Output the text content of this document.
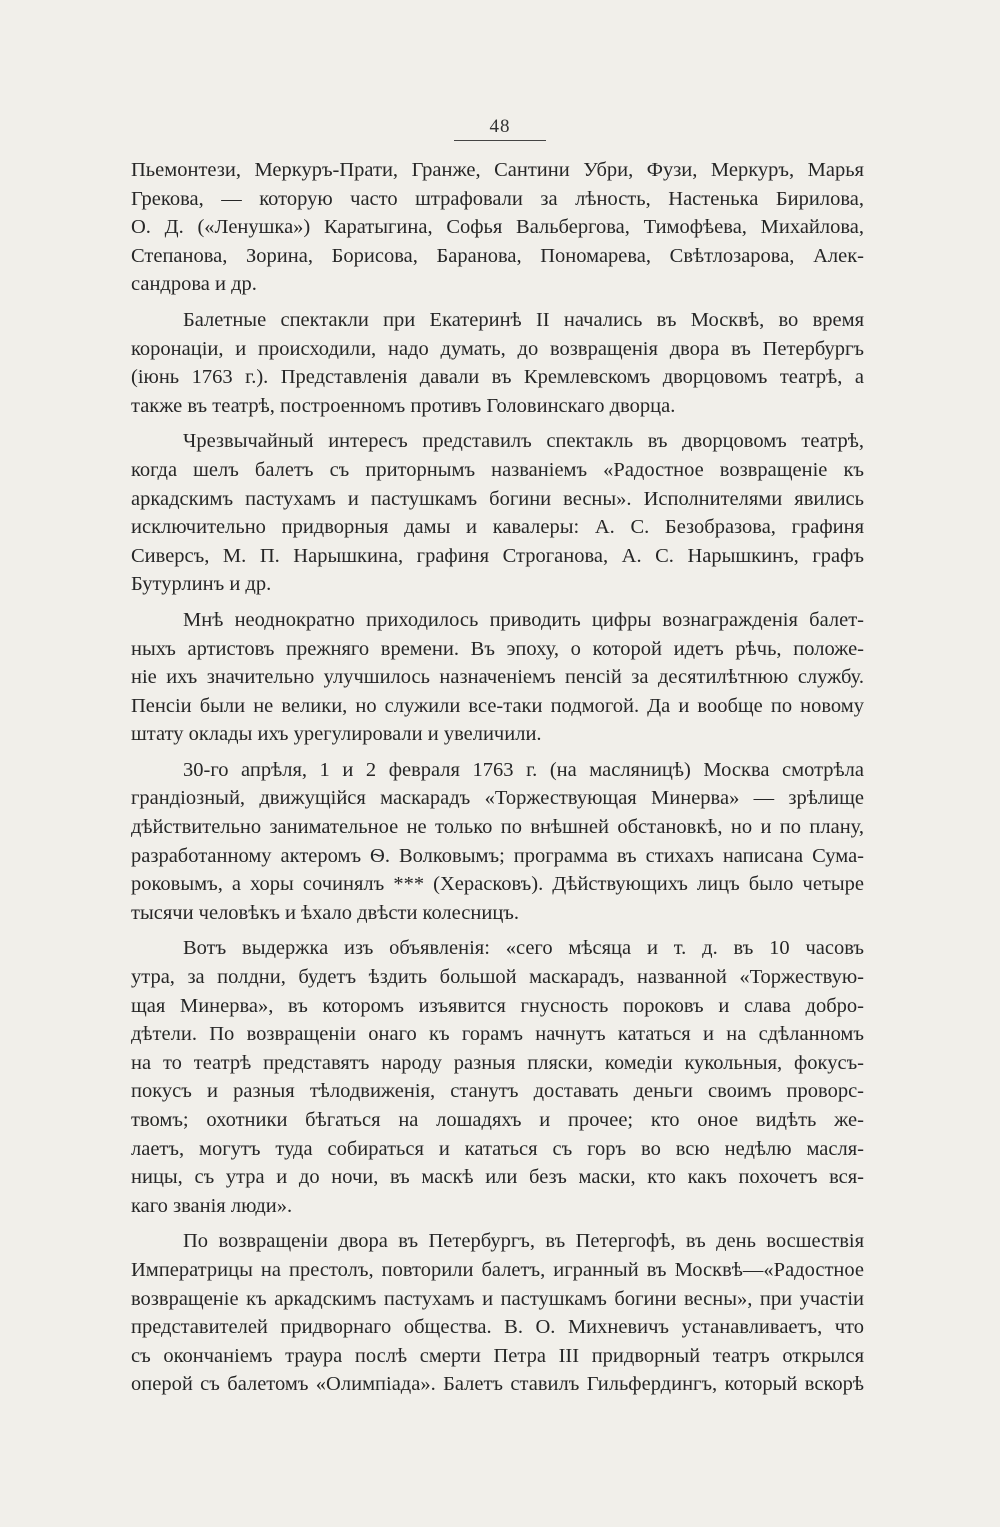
48

Пьемонтези, Меркуръ-Прати, Гранже, Сантини Убри, Фузи, Меркуръ, Марья
Грекова, — которую часто штрафовали за лѣность, Настенька Бирилова,
О. Д. («Ленушка») Каратыгина, Софья Вальбергова, Тимофѣева, Михайлова,
Степанова, Зорина, Борисова, Баранова, Пономарева, Свѣтлозарова, Алек-
сандрова и др.

Балетные спектакли при Екатеринѣ II начались въ Москвѣ, во время
коронаціи, и происходили, надо думать, до возвращенія двора въ Петербургъ
(іюнь 1763 г.). Представленія давали въ Кремлевскомъ дворцовомъ театрѣ, а
также въ театрѣ, построенномъ противъ Головинскаго дворца.

Чрезвычайный интересъ представилъ спектакль въ дворцовомъ театрѣ,
когда шелъ балетъ съ приторнымъ названіемъ «Радостное возвращеніе къ
аркадскимъ пастухамъ и пастушкамъ богини весны». Исполнителями явились
исключительно придворныя дамы и кавалеры: А. С. Безобразова, графиня
Сиверсъ, М. П. Нарышкина, графиня Строганова, А. С. Нарышкинъ, графъ
Бутурлинъ и др.

Мнѣ неоднократно приходилось приводить цифры вознагражденія балет-
ныхъ артистовъ прежняго времени. Въ эпоху, о которой идетъ рѣчь, положе-
ніе ихъ значительно улучшилось назначеніемъ пенсій за десятилѣтнюю службу.
Пенсіи были не велики, но служили все-таки подмогой. Да и вообще по новому
штату оклады ихъ урегулировали и увеличили.

30-го апрѣля, 1 и 2 февраля 1763 г. (на масляницѣ) Москва смотрѣла
грандіозный, движущійся маскарадъ «Торжествующая Минерва» — зрѣлище
дѣйствительно занимательное не только по внѣшней обстановкѣ, но и по плану,
разработанному актеромъ Ѳ. Волковымъ; программа въ стихахъ написана Сума-
роковымъ, а хоры сочинялъ *** (Херасковъ). Дѣйствующихъ лицъ было четыре
тысячи человѣкъ и ѣхало двѣсти колесницъ.

Вотъ выдержка изъ объявленія: «сего мѣсяца и т. д. въ 10 часовъ
утра, за полдни, будетъ ѣздить большой маскарадъ, названной «Торжествую-
щая Минерва», въ которомъ изъявится гнусность пороковъ и слава добро-
дѣтели. По возвращеніи онаго къ горамъ начнутъ кататься и на сдѣланномъ
на то театрѣ представятъ народу разныя пляски, комедіи кукольныя, фокусъ-
покусъ и разныя тѣлодвиженія, станутъ доставать деньги своимъ проворс-
твомъ; охотники бѣгаться на лошадяхъ и прочее; кто оное видѣть же-
лаетъ, могутъ туда собираться и кататься съ горъ во всю недѣлю масля-
ницы, съ утра и до ночи, въ маскѣ или безъ маски, кто какъ похочетъ вся-
каго званія люди».

По возвращеніи двора въ Петербургъ, въ Петергофѣ, въ день восшествія
Императрицы на престолъ, повторили балетъ, игранный въ Москвѣ—«Радостное
возвращеніе къ аркадскимъ пастухамъ и пастушкамъ богини весны», при участіи
представителей придворнаго общества. В. О. Михневичъ устанавливаетъ, что
съ окончаніемъ траура послѣ смерти Петра III придворный театръ открылся
оперой съ балетомъ «Олимпіада». Балетъ ставилъ Гильфердингъ, который вскорѣ
